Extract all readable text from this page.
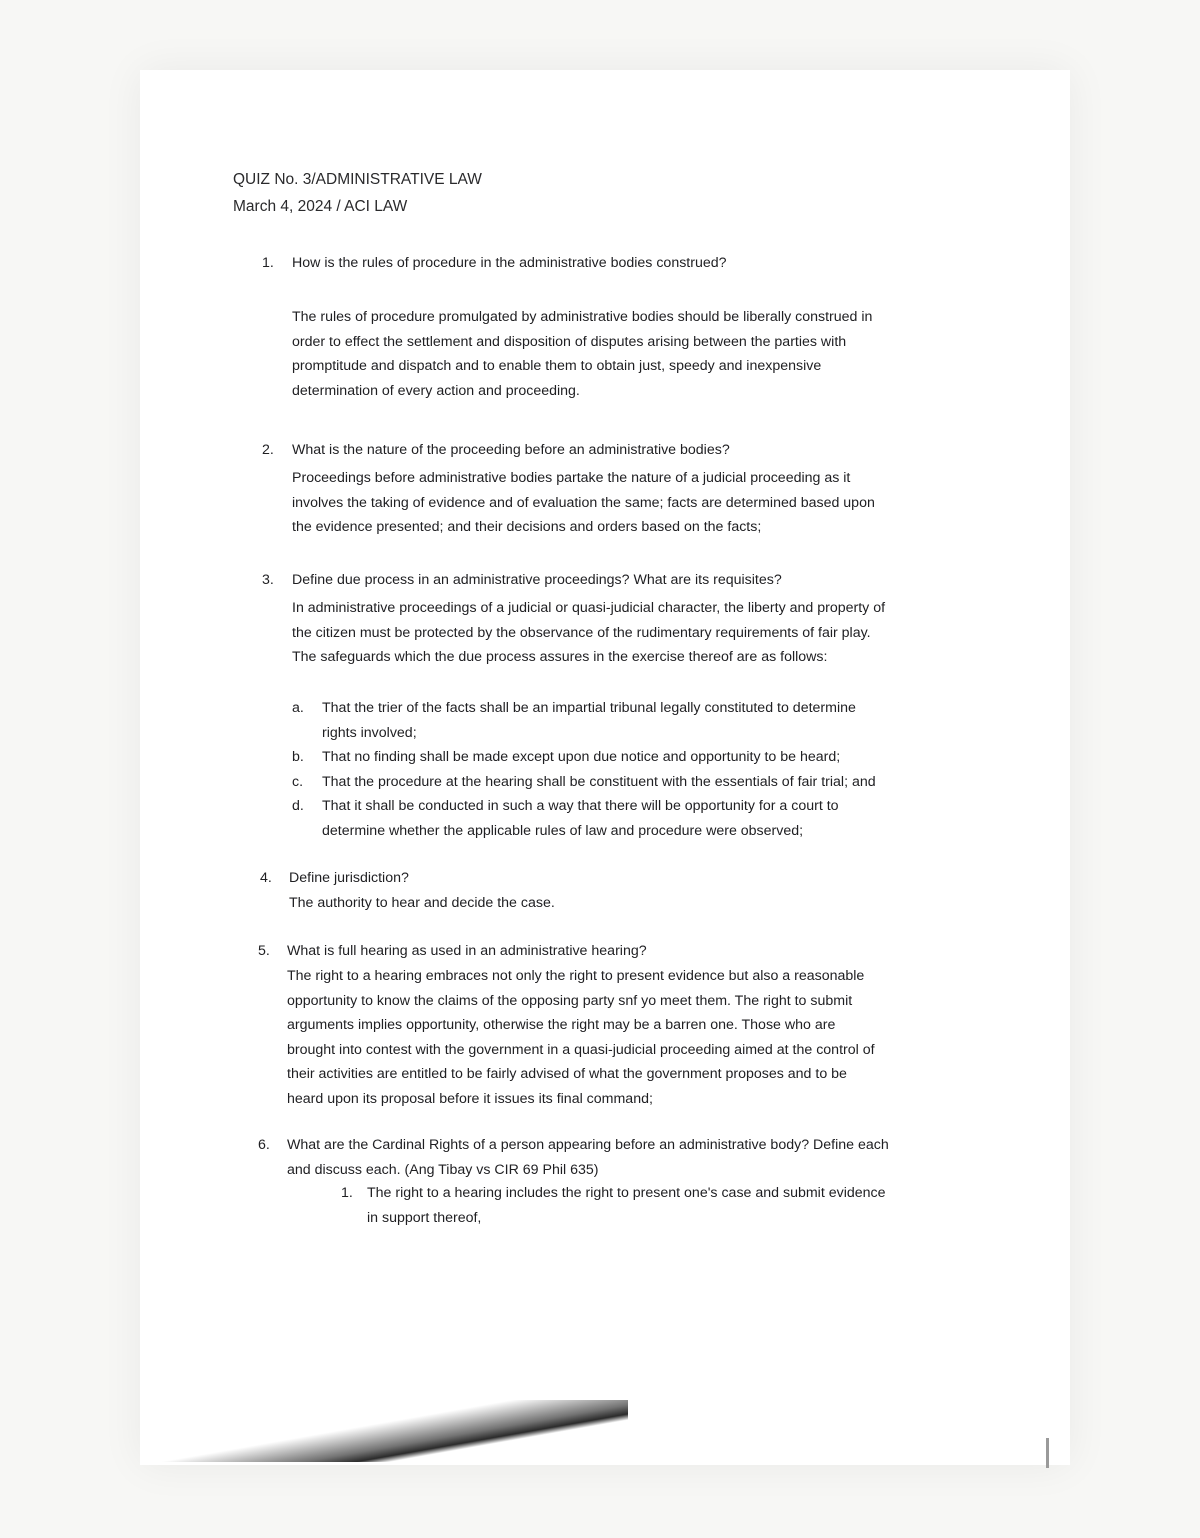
QUIZ No. 3/ADMINISTRATIVE LAW
March 4, 2024 / ACI LAW
1.	How is the rules of procedure in the administrative bodies construed?

The rules of procedure promulgated by administrative bodies should be liberally construed in

order to effect the settlement and disposition of disputes arising between the parties with

promptitude and dispatch and to enable them to obtain just, speedy and inexpensive

determination of every action and proceeding.

2.	What is the nature of the proceeding before an administrative bodies?

Proceedings before administrative bodies partake the nature of a judicial proceeding as it

involves the taking of evidence and of evaluation the same; facts are determined based upon

the evidence presented; and their decisions and orders based on the facts;

3.	Define due process in an administrative proceedings? What are its requisites?

In administrative proceedings of a judicial or quasi-judicial character, the liberty and property of

the citizen must be protected by the observance of the rudimentary requirements of fair play.

The safeguards which the due process assures in the exercise thereof are as follows:

a. That the trier of the facts shall be an impartial tribunal legally constituted to determine
rights involved;
b. That no finding shall be made except upon due notice and opportunity to be heard;
c. That the procedure at the hearing shall be constituent with the essentials of fair trial; and
d. That it shall be conducted in such a way that there will be opportunity for a court to
determine whether the applicable rules of law and procedure were observed;
4.	Define jurisdiction?

The authority to hear and decide the case.

5.	What is full hearing as used in an administrative hearing?

The right to a hearing embraces not only the right to present evidence but also a reasonable

opportunity to know the claims of the opposing party snf yo meet them. The right to submit

arguments implies opportunity, otherwise the right may be a barren one. Those who are

brought into contest with the government in a quasi-judicial proceeding aimed at the control of

their activities are entitled to be fairly advised of what the government proposes and to be

heard upon its proposal before it issues its final command;

6.	What are the Cardinal Rights of a person appearing before an administrative body? Define each
and discuss each. (Ang Tibay vs CIR 69 Phil 635)
1. The right to a hearing includes the right to present one's case and submit evidence
in support thereof,
